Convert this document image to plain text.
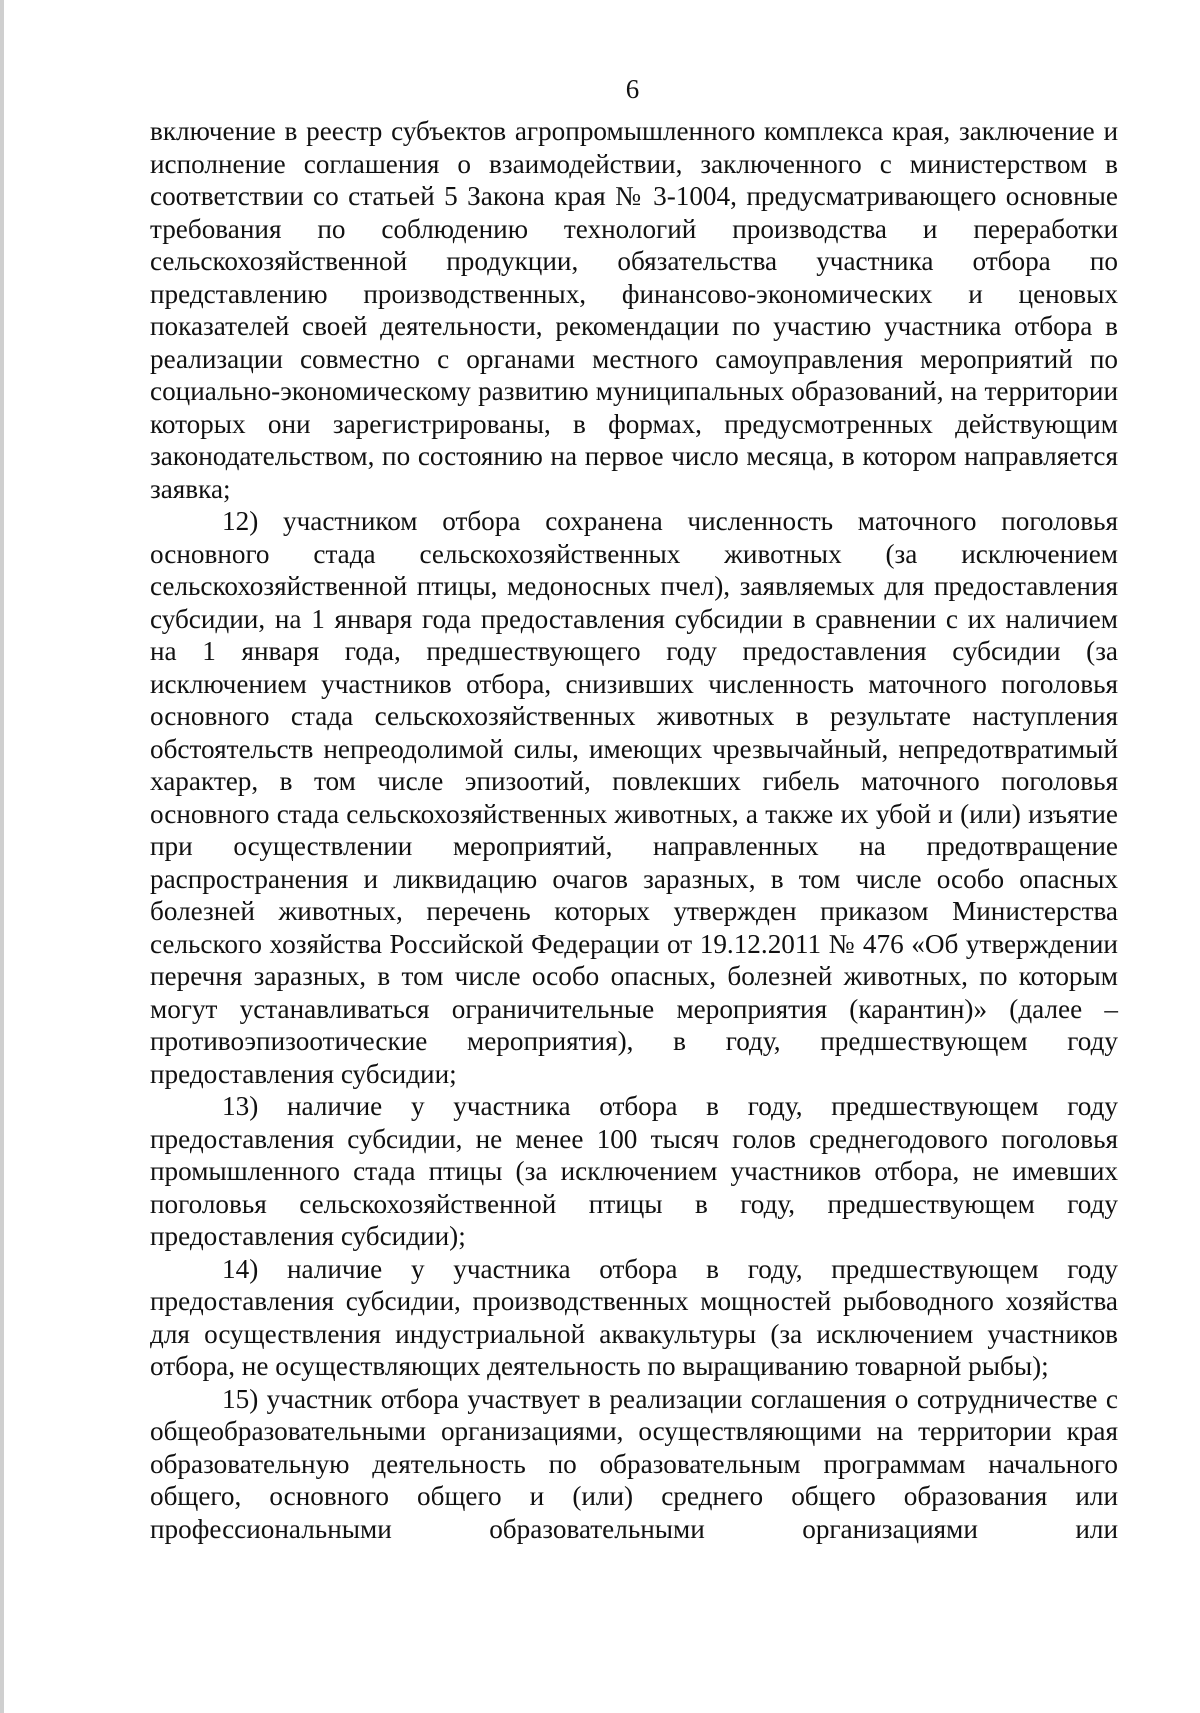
6

включение в реестр субъектов агропромышленного комплекса края, заключение и исполнение соглашения о взаимодействии, заключенного с министерством в соответствии со статьей 5 Закона края № 3-1004, предусматривающего основные требования по соблюдению технологий производства и переработки сельскохозяйственной продукции, обязательства участника отбора по представлению производственных, финансово-экономических и ценовых показателей своей деятельности, рекомендации по участию участника отбора в реализации совместно с органами местного самоуправления мероприятий по социально-экономическому развитию муниципальных образований, на территории которых они зарегистрированы, в формах, предусмотренных действующим законодательством, по состоянию на первое число месяца, в котором направляется заявка;

12) участником отбора сохранена численность маточного поголовья основного стада сельскохозяйственных животных (за исключением сельскохозяйственной птицы, медоносных пчел), заявляемых для предоставления субсидии, на 1 января года предоставления субсидии в сравнении с их наличием на 1 января года, предшествующего году предоставления субсидии (за исключением участников отбора, снизивших численность маточного поголовья основного стада сельскохозяйственных животных в результате наступления обстоятельств непреодолимой силы, имеющих чрезвычайный, непредотвратимый характер, в том числе эпизоотий, повлекших гибель маточного поголовья основного стада сельскохозяйственных животных, а также их убой и (или) изъятие при осуществлении мероприятий, направленных на предотвращение распространения и ликвидацию очагов заразных, в том числе особо опасных болезней животных, перечень которых утвержден приказом Министерства сельского хозяйства Российской Федерации от 19.12.2011 № 476 «Об утверждении перечня заразных, в том числе особо опасных, болезней животных, по которым могут устанавливаться ограничительные мероприятия (карантин)» (далее – противоэпизоотические мероприятия), в году, предшествующем году предоставления субсидии;

13) наличие у участника отбора в году, предшествующем году предоставления субсидии, не менее 100 тысяч голов среднегодового поголовья промышленного стада птицы (за исключением участников отбора, не имевших поголовья сельскохозяйственной птицы в году, предшествующем году предоставления субсидии);

14) наличие у участника отбора в году, предшествующем году предоставления субсидии, производственных мощностей рыбоводного хозяйства для осуществления индустриальной аквакультуры (за исключением участников отбора, не осуществляющих деятельность по выращиванию товарной рыбы);

15) участник отбора участвует в реализации соглашения о сотрудничестве с общеобразовательными организациями, осуществляющими на территории края образовательную деятельность по образовательным программам начального общего, основного общего и (или) среднего общего образования или профессиональными образовательными организациями или
